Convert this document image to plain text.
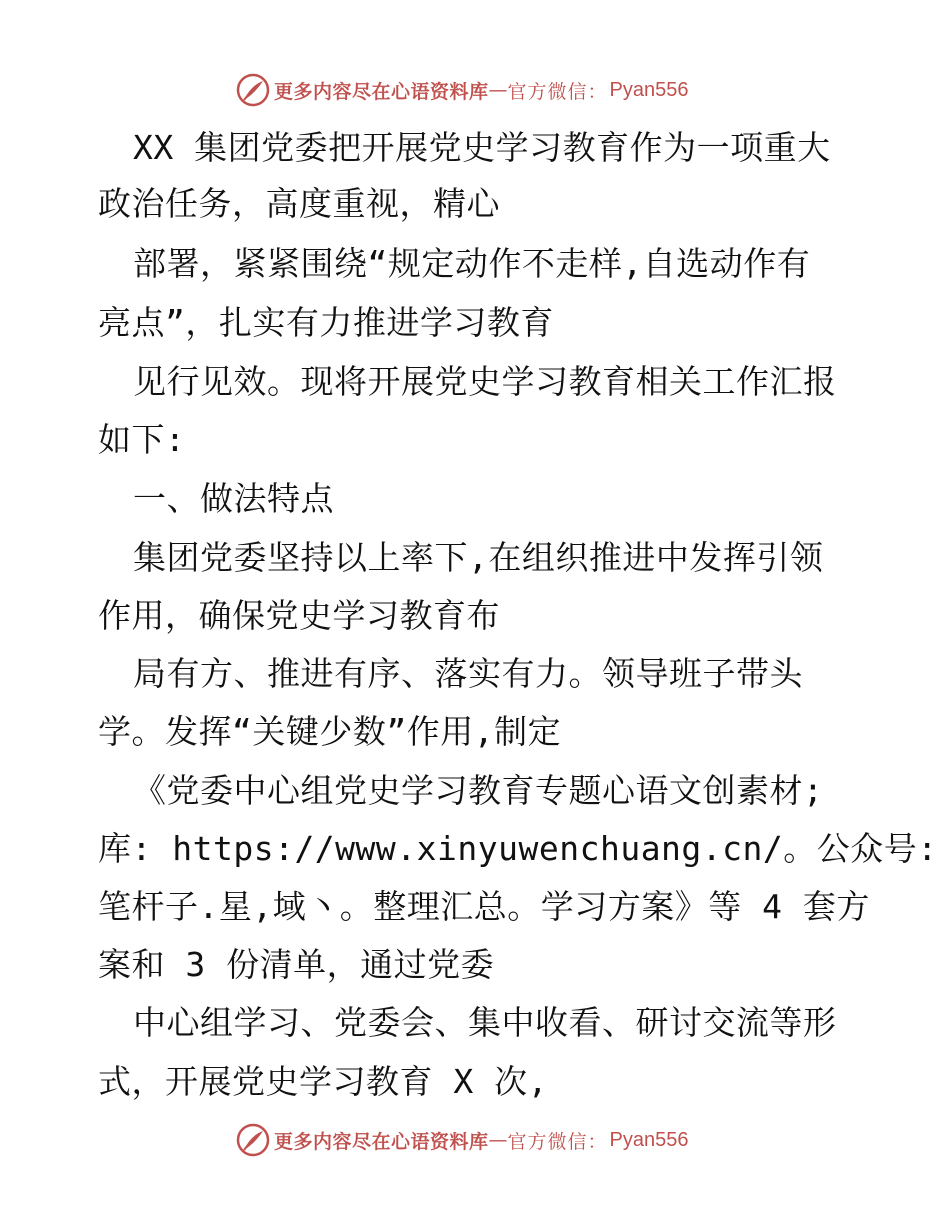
更多内容尽在心语资料库 — 官方微信： Pyan556
XX 集团党委把开展党史学习教育作为一项重大
政治任务，高度重视，精心
部署，紧紧围绕“规定动作不走样,自选动作有
亮点”，扎实有力推进学习教育
见行见效。现将开展党史学习教育相关工作汇报
如下:
一、做法特点
集团党委坚持以上率下,在组织推进中发挥引领
作用，确保党史学习教育布
局有方、推进有序、落实有力。领导班子带头
学。发挥“关键少数”作用,制定
《党委中心组党史学习教育专题心语文创素材;
库: https://www.xinyuwenchuang.cn/。公众号:
笔杆子.星,域丶。整理汇总。学习方案》等 4 套方
案和 3 份清单，通过党委
中心组学习、党委会、集中收看、研讨交流等形
式，开展党史学习教育 X 次,
更多内容尽在心语资料库 — 官方微信： Pyan556
